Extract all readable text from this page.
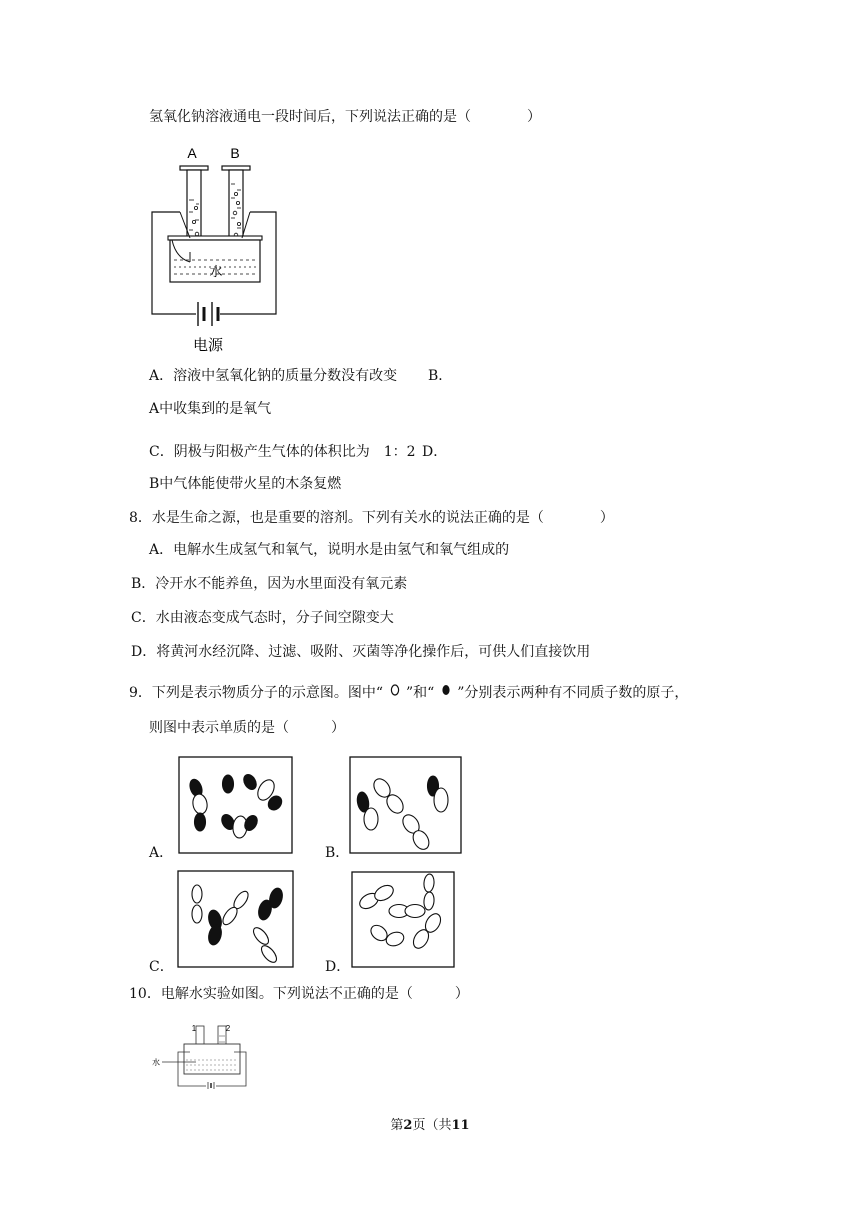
氢氧化钠溶液通电一段时间后，下列说法正确的是（　　　　）
A B
水
电源
A．溶液中氢氧化钠的质量分数没有改变 B．
A中收集到的是氧气
C．阴极与阳极产生气体的体积比为　1：2 D．
B中气体能使带火星的木条复燃
8．水是生命之源，也是重要的溶剂。下列有关水的说法正确的是（　　　　）
A．电解水生成氢气和氧气，说明水是由氢气和氧气组成的
B．冷开水不能养鱼，因为水里面没有氧元素
C．水由液态变成气态时，分子间空隙变大
D．将黄河水经沉降、过滤、吸附、灭菌等净化操作后，可供人们直接饮用
9．下列是表示物质分子的示意图。图中“ ”和“ ”分别表示两种有不同质子数的原子，
则图中表示单质的是（　　　）
A．	B．
C．	D．
10．电解水实验如图。下列说法不正确的是（　　　）
1	2
水
第2页（共11
